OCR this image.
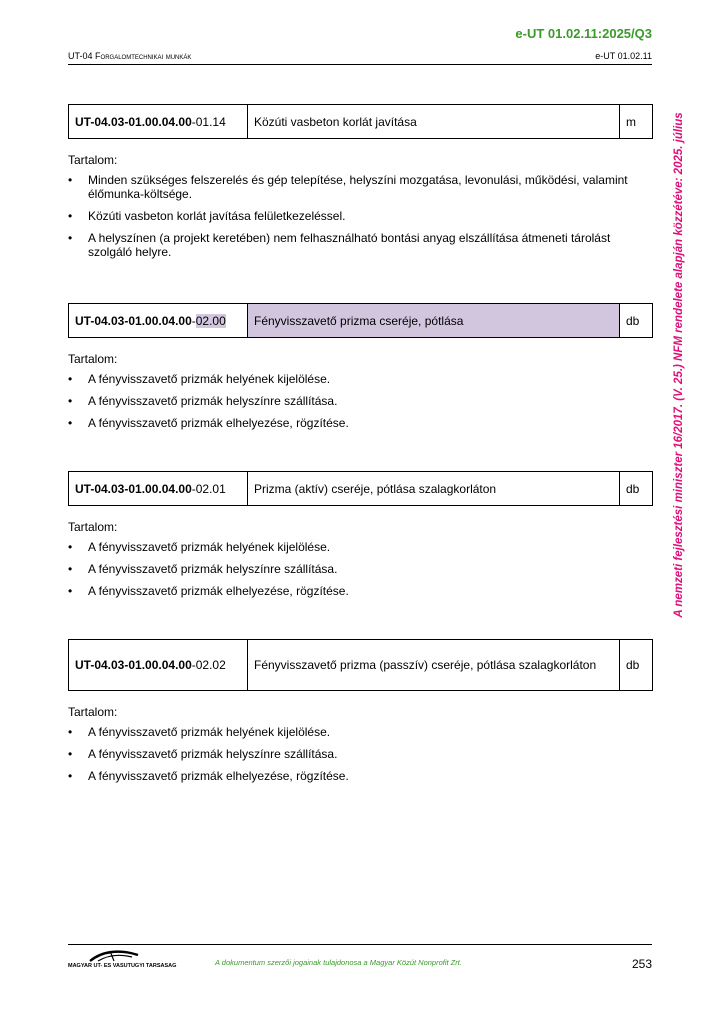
e-UT 01.02.11:2025/Q3
UT-04 Forgalomtechnikai munkák	e-UT 01.02.11
A nemzeti fejlesztési miniszter 16/2017. (V. 25.) NFM rendelete alapján közzétéve: 2025. július
UT-04.03-01.00.04.00-01.14	Közúti vasbeton korlát javítása	m
Tartalom:
• Minden szükséges felszerelés és gép telepítése, helyszíni mozgatása, levonulási, működési, valamint élőmunka-költsége.
• Közúti vasbeton korlát javítása felületkezeléssel.
• A helyszínen (a projekt keretében) nem felhasználható bontási anyag elszállítása átmeneti tárolást szolgáló helyre.
UT-04.03-01.00.04.00-02.00	Fényvisszavető prizma cseréje, pótlása	db
Tartalom:
• A fényvisszavető prizmák helyének kijelölése.
• A fényvisszavető prizmák helyszínre szállítása.
• A fényvisszavető prizmák elhelyezése, rögzítése.
UT-04.03-01.00.04.00-02.01	Prizma (aktív) cseréje, pótlása szalagkorláton	db
Tartalom:
• A fényvisszavető prizmák helyének kijelölése.
• A fényvisszavető prizmák helyszínre szállítása.
• A fényvisszavető prizmák elhelyezése, rögzítése.
UT-04.03-01.00.04.00-02.02	Fényvisszavető prizma (passzív) cseréje, pótlása szalagkorláton	db
Tartalom:
• A fényvisszavető prizmák helyének kijelölése.
• A fényvisszavető prizmák helyszínre szállítása.
• A fényvisszavető prizmák elhelyezése, rögzítése.
MAGYAR UT- ES VASUTUGYI TARSASAG	A dokumentum szerzői jogainak tulajdonosa a Magyar Közút Nonprofit Zrt.	253
